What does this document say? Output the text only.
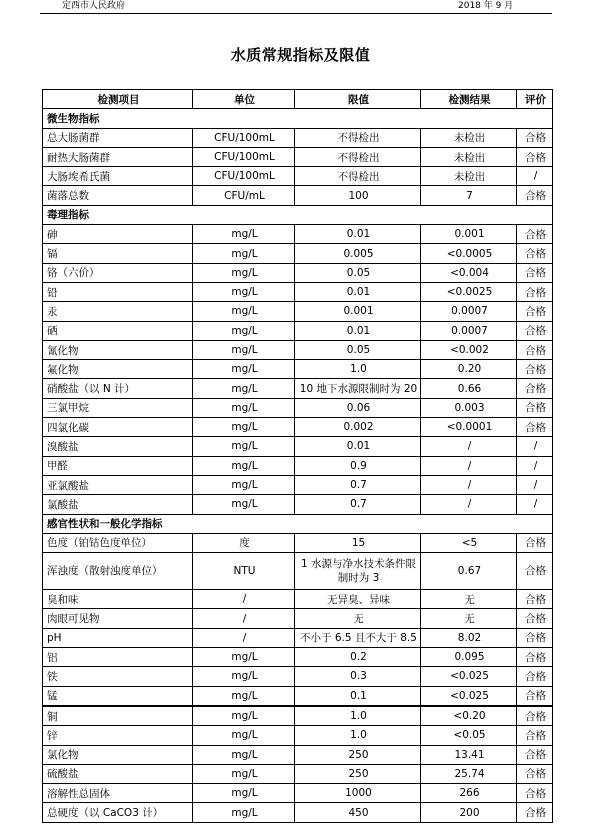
定西市人民政府	2018 年 9 月
水质常规指标及限值
检测项目	单位	限值	检测结果	评价
微生物指标				
总大肠菌群	CFU/100mL	不得检出	未检出	合格
耐热大肠菌群	CFU/100mL	不得检出	未检出	合格
大肠埃希氏菌	CFU/100mL	不得检出	未检出	/
菌落总数	CFU/mL	100	7	合格
毒理指标				
砷	mg/L	0.01	0.001	合格
镉	mg/L	0.005	<0.0005	合格
铬（六价）	mg/L	0.05	<0.004	合格
铅	mg/L	0.01	<0.0025	合格
汞	mg/L	0.001	0.0007	合格
硒	mg/L	0.01	0.0007	合格
氰化物	mg/L	0.05	<0.002	合格
氟化物	mg/L	1.0	0.20	合格
硝酸盐（以 N 计）	mg/L	10 地下水源限制时为 20	0.66	合格
三氯甲烷	mg/L	0.06	0.003	合格
四氯化碳	mg/L	0.002	<0.0001	合格
溴酸盐	mg/L	0.01	/	/
甲醛	mg/L	0.9	/	/
亚氯酸盐	mg/L	0.7	/	/
氯酸盐	mg/L	0.7	/	/
感官性状和一般化学指标				
色度（铂钴色度单位）	度	15	<5	合格
浑浊度（散射浊度单位）	NTU	1 水源与净水技术条件限制时为 3	0.67	合格
臭和味	/	无异臭、异味	无	合格
肉眼可见物	/	无	无	合格
pH	/	不小于 6.5 且不大于 8.5	8.02	合格
铝	mg/L	0.2	0.095	合格
铁	mg/L	0.3	<0.025	合格
锰	mg/L	0.1	<0.025	合格
铜	mg/L	1.0	<0.20	合格
锌	mg/L	1.0	<0.05	合格
氯化物	mg/L	250	13.41	合格
硫酸盐	mg/L	250	25.74	合格
溶解性总固体	mg/L	1000	266	合格
总硬度（以 CaCO3 计）	mg/L	450	200	合格
